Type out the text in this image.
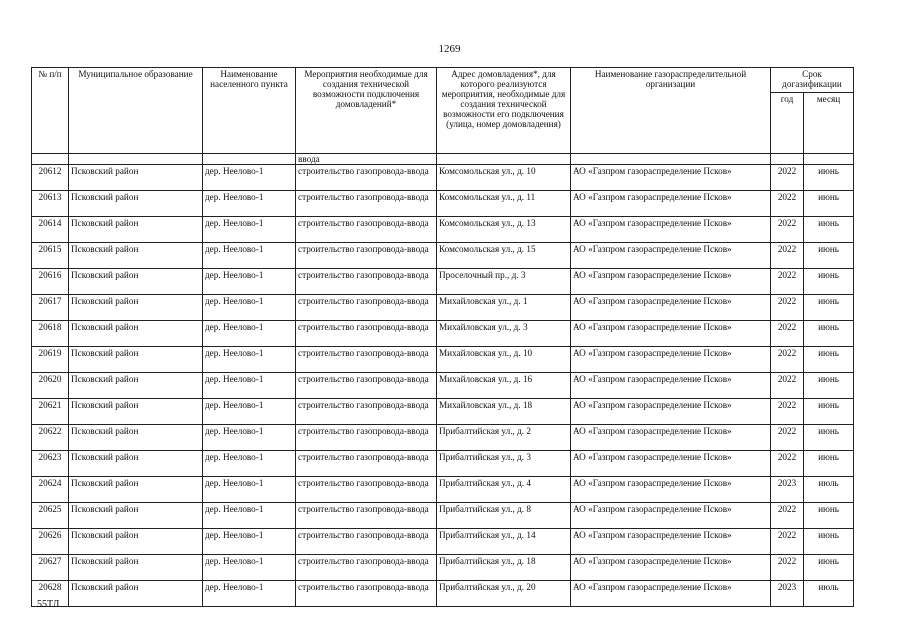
1269
№ п/п	Муниципальное образование	Наименование населенного пункта	Мероприятия необходимые для создания технической возможности подключения домовладений*	Адрес домовладения*, для которого реализуются мероприятия, необходимые для создания технической возможности его подключения (улица, номер домовладения)	Наименование газораспределительной организации	Срок догазификации	
						год	месяц
			ввода				
20612	Псковский район	дер. Неелово-1	строительство газопровода-ввода	Комсомольская ул., д. 10	АО «Газпром газораспределение Псков»	2022	июнь
20613	Псковский район	дер. Неелово-1	строительство газопровода-ввода	Комсомольская ул., д. 11	АО «Газпром газораспределение Псков»	2022	июнь
20614	Псковский район	дер. Неелово-1	строительство газопровода-ввода	Комсомольская ул., д. 13	АО «Газпром газораспределение Псков»	2022	июнь
20615	Псковский район	дер. Неелово-1	строительство газопровода-ввода	Комсомольская ул., д. 15	АО «Газпром газораспределение Псков»	2022	июнь
20616	Псковский район	дер. Неелово-1	строительство газопровода-ввода	Проселочный пр., д. 3	АО «Газпром газораспределение Псков»	2022	июнь
20617	Псковский район	дер. Неелово-1	строительство газопровода-ввода	Михайловская ул., д. 1	АО «Газпром газораспределение Псков»	2022	июнь
20618	Псковский район	дер. Неелово-1	строительство газопровода-ввода	Михайловская ул., д. 3	АО «Газпром газораспределение Псков»	2022	июнь
20619	Псковский район	дер. Неелово-1	строительство газопровода-ввода	Михайловская ул., д. 10	АО «Газпром газораспределение Псков»	2022	июнь
20620	Псковский район	дер. Неелово-1	строительство газопровода-ввода	Михайловская ул., д. 16	АО «Газпром газораспределение Псков»	2022	июнь
20621	Псковский район	дер. Неелово-1	строительство газопровода-ввода	Михайловская ул., д. 18	АО «Газпром газораспределение Псков»	2022	июнь
20622	Псковский район	дер. Неелово-1	строительство газопровода-ввода	Прибалтийская ул., д. 2	АО «Газпром газораспределение Псков»	2022	июнь
20623	Псковский район	дер. Неелово-1	строительство газопровода-ввода	Прибалтийская ул., д. 3	АО «Газпром газораспределение Псков»	2022	июнь
20624	Псковский район	дер. Неелово-1	строительство газопровода-ввода	Прибалтийская ул., д. 4	АО «Газпром газораспределение Псков»	2023	июль
20625	Псковский район	дер. Неелово-1	строительство газопровода-ввода	Прибалтийская ул., д. 8	АО «Газпром газораспределение Псков»	2022	июнь
20626	Псковский район	дер. Неелово-1	строительство газопровода-ввода	Прибалтийская ул., д. 14	АО «Газпром газораспределение Псков»	2022	июнь
20627	Псковский район	дер. Неелово-1	строительство газопровода-ввода	Прибалтийская ул., д. 18	АО «Газпром газораспределение Псков»	2022	июнь
20628	Псковский район	дер. Неелово-1	строительство газопровода-ввода	Прибалтийская ул., д. 20	АО «Газпром газораспределение Псков»	2023	июль
55ТЛ
